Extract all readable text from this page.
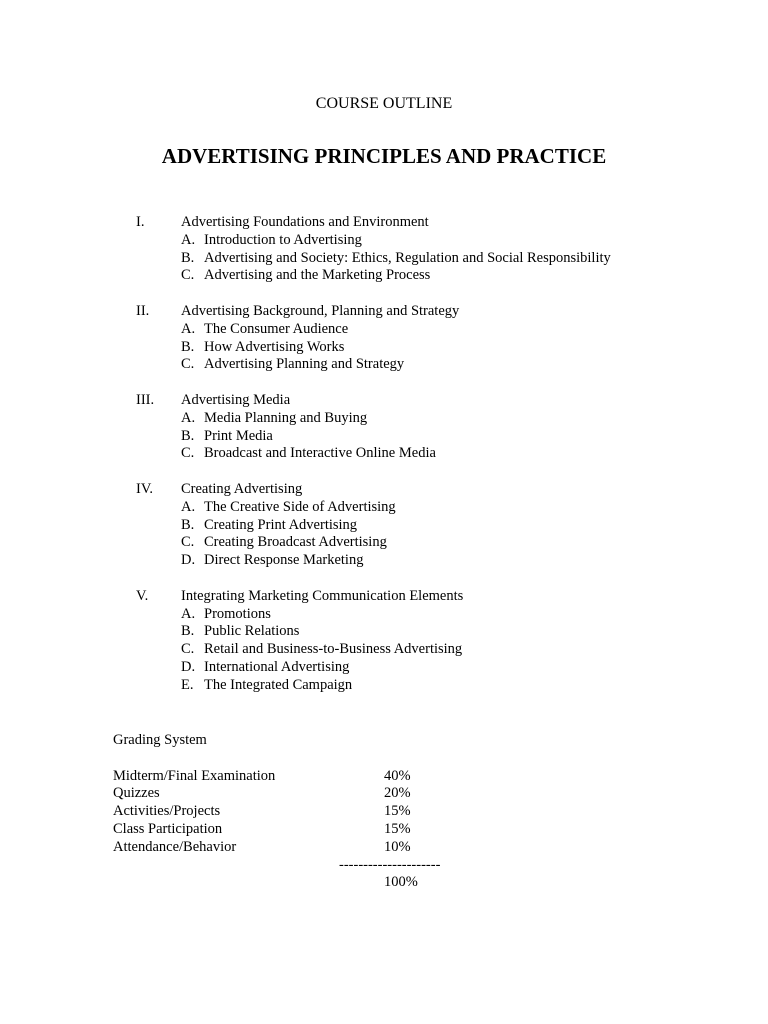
COURSE OUTLINE
ADVERTISING PRINCIPLES AND PRACTICE
I.	Advertising Foundations and Environment
A. Introduction to Advertising
B. Advertising and Society: Ethics, Regulation and Social Responsibility
C. Advertising and the Marketing Process
II. Advertising Background, Planning and Strategy
A. The Consumer Audience
B. How Advertising Works
C. Advertising Planning and Strategy
III. Advertising Media
A. Media Planning and Buying
B. Print Media
C. Broadcast and Interactive Online Media
IV. Creating Advertising
A. The Creative Side of Advertising
B. Creating Print Advertising
C. Creating Broadcast Advertising
D. Direct Response Marketing
V. Integrating Marketing Communication Elements
A. Promotions
B. Public Relations
C. Retail and Business-to-Business Advertising
D. International Advertising
E. The Integrated Campaign
Grading System
Midterm/Final Examination	40%
Quizzes	20%
Activities/Projects	15%
Class Participation	15%
Attendance/Behavior	10%
---------------------
100%
